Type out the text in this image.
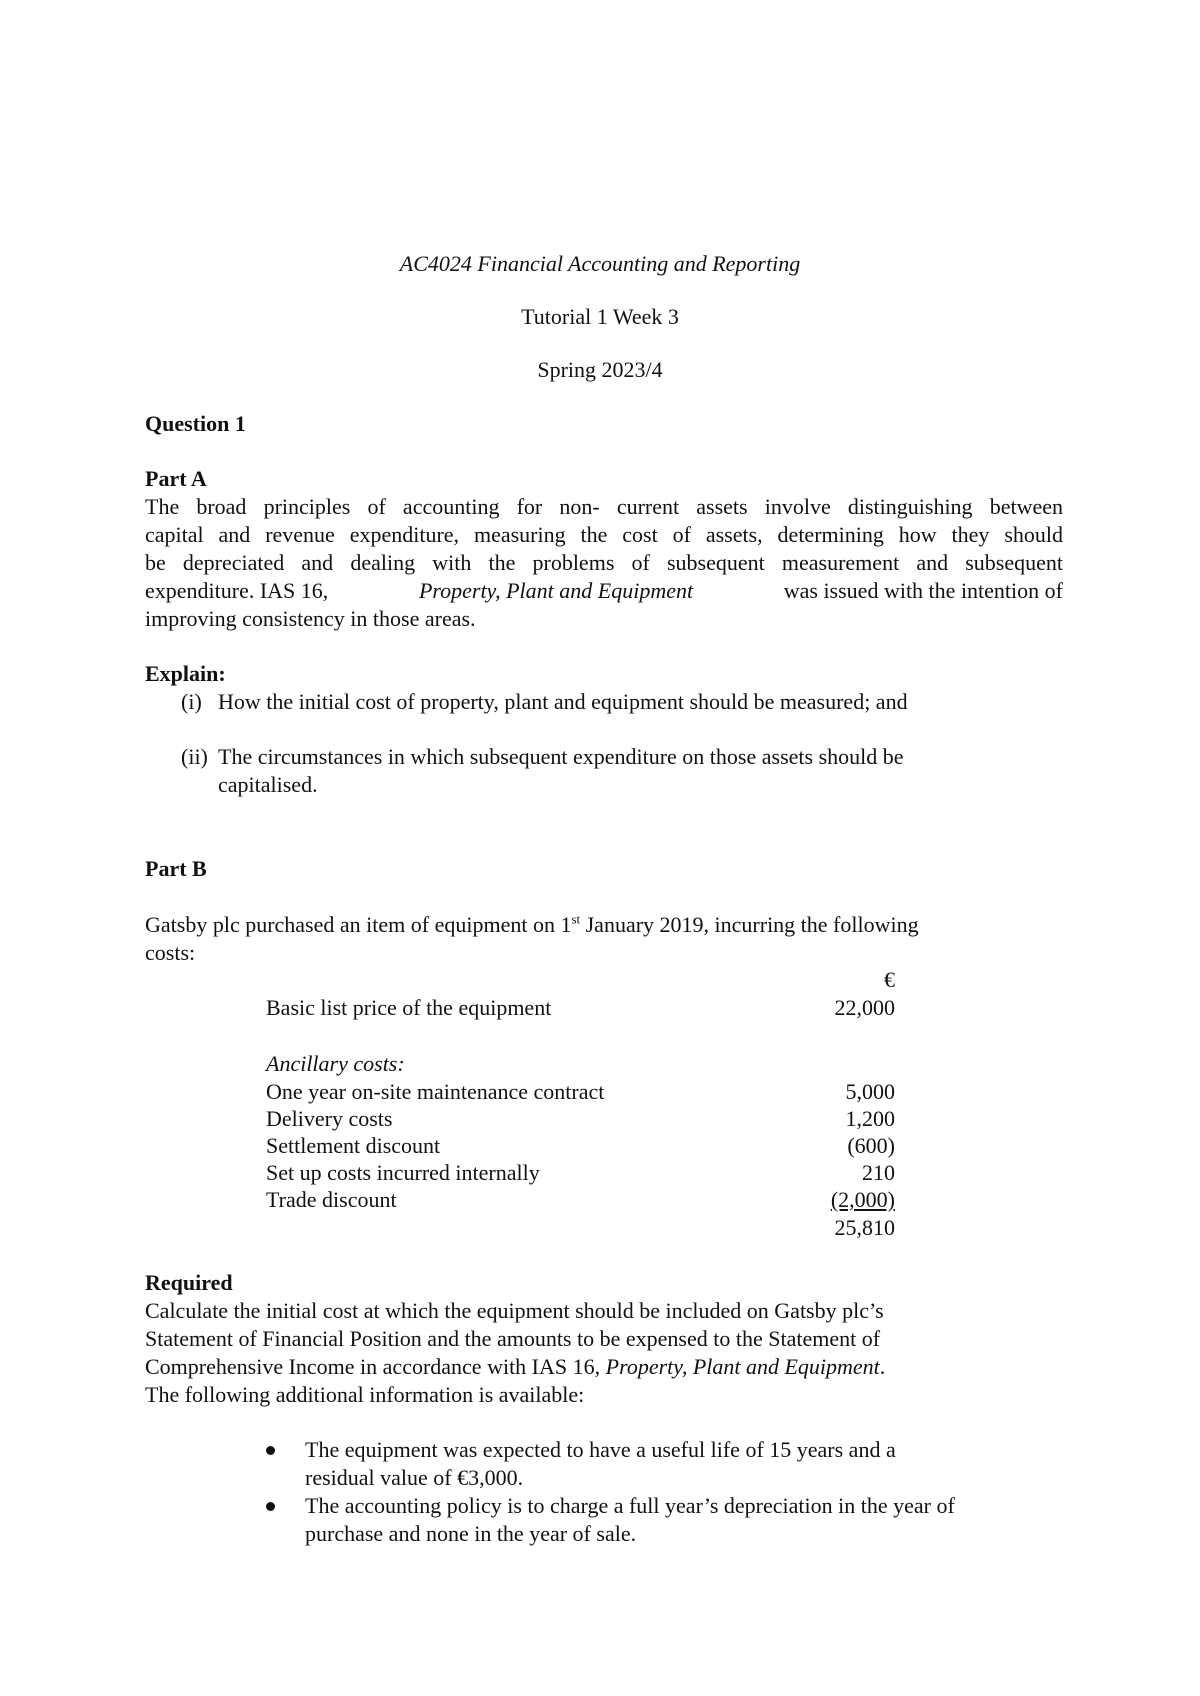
AC4024 Financial Accounting and Reporting
Tutorial 1 Week 3
Spring 2023/4
Question 1
Part A
The broad principles of accounting for non- current assets involve distinguishing between
capital and revenue expenditure, measuring the cost of assets, determining how they should
be depreciated and dealing with the problems of subsequent measurement and subsequent
expenditure. IAS 16,	Property, Plant and Equipment	was issued with the intention of
improving consistency in those areas.
Explain:
(i) How the initial cost of property, plant and equipment should be measured; and
(ii) The circumstances in which subsequent expenditure on those assets should be
capitalised.
Part B
Gatsby plc purchased an item of equipment on 1st January 2019, incurring the following
costs:
€
Basic list price of the equipment	22,000
Ancillary costs:
One year on-site maintenance contract	5,000
Delivery costs	1,200
Settlement discount	(600)
Set up costs incurred internally	210
Trade discount	(2,000)
25,810
Required
Calculate the initial cost at which the equipment should be included on Gatsby plc’s
Statement of Financial Position and the amounts to be expensed to the Statement of
Comprehensive Income in accordance with IAS 16, Property, Plant and Equipment.
The following additional information is available:
The equipment was expected to have a useful life of 15 years and a
residual value of €3,000.
The accounting policy is to charge a full year’s depreciation in the year of
purchase and none in the year of sale.
